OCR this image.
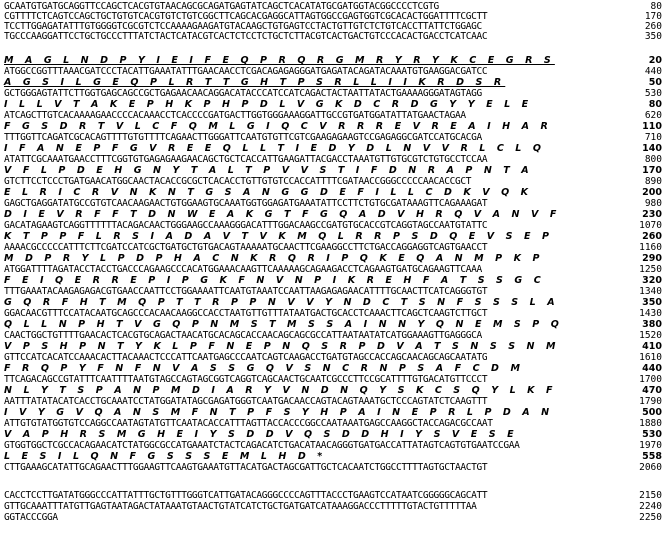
GCAATGTGATGCAGGTTCCAGCTCACGTGTAACAGCGCAGATGAGTATCAGCTCACATATGCGATGGTACGGCCCCTCGTG	80
CGTTTTCTCAGTCCAGCTGCTGTGTCACGTGTCTGTCGGCTTCAGCACGAGGCATTAGTGGCCGAGTGGTCGCACACTGGATTTTCGCTT	170
TCCTTGGAGATATTTGTGGGGTCGCGTCTCCAAAAGAAGATGTACAAGCTGTGAGTCCTACTGTTGTCTCTGTCACCTTATTCTGGAGC	260
TGCCCAAGGATTCCTGCTGCCCTTTATCTACTCATACGTCACTCTCCTCTGCTCTTACGTCACTGACTGTCCCACACTGACCTCATCAAC	350
M A G L N D P Y I E I F E Q P R Q R G M R Y R Y K C E G R S	20
ATGGCCGGTTTAAACGATCCCTACATTGAAATATTTGAACAACCTCGACAGAGAGGGATGAGATACAGATACAAATGTGAAGGACGATCC	440
A G S I L G E Q P L R T T G H T P S R L L I I K R D S R	50
GCTGGGAGTATTCTTGGTGAGCAGCCGCTGAGAACAACAGGACATACCCATCCATCAGACTACTAATTATACTGAAAAGGGATAGTAGG	530
I L L V T A K E P H K P H P D L V G K D C R D G Y Y E L E	80
ATCAGCTTGTCACAAAAGAACCCCACAAACCTCACCCCGATGACTTGGTGGGAAAGGATTGCCGTGATGGATATTATGAACTAGAA	620
F G S D R T V L C F Q M L G I Q C V R R R E V R E A I H A R	110
TTTGGTTCAGATCGCACAGTTTTGTGTTTTCAGAACTTGGGATTCAATGTGTTCGTCGAAGAGAAGTCCGAGAGGCGATCCATGCACGA	710
I F A N E P F G V R E E Q L L T I E D Y D L N V V R L C L Q	140
ATATTCGCAAATGAACCTTTCGGTGTGAGAGAAGAACAGCTGCTCACCATTGAAGATTACGACCTAAATGTTGTGCGTCTGTGCCTCCAA	800
V F L P D E H G N Y T A L T P V V S T I F D N R A P N T A	170
GTCTTCCTCCCTGATGAACATGGCAACTACACCGCGCTCACACCTGTTGTGTCCACCATTTTCGATAACCGGGCCCCCAACACCGCT	890
E L R I C R V N K N T G S A N G G D E F I L L C D K V Q K	200
GAGCTGAGGATATGCCGTGTCAACAAGAACTGTGGAAGTGCAAATGGTGGAGATGAAATATTCCTTCTGTGCGATAAAGTTCAGAAAGAT	980
D I E V R F F T D N W E A K G T F G Q A D V H R Q V A N V F	230
GACATAGAAGTCAGGTTTTTTACAGACAACTGGGAAGCCAAAGGGACATTTGGACAAGCCGATGTGCACCGTCAGGTAGCCAATGTATTC	1070
K T P P F L R S I A D A V T V K M Q L R R P S D Q E V S E P	260
AAAACGCCCCCATTTCTTCGATCCATCGCTGATGCTGTGACAGTAAAAATGCAACTTCGAAGGCCTTCTGACCAGGAGGTCAGTGAACCT	1160
M D P R Y L P D P H A C N K R Q R I P Q K E Q A N M P K P	290
ATGGATTTTAGATACCTACCTGACCCAGAAGCCCACATGGAAACAAGTTCAAAAAGCAGAAGACCTCAGAAGTGATGCAGAAGTTCAAA	1250
F E I Q E R R E P I P G K F N V N P I K R E H F A T S S G C	320
TTTGAAATACAAGAGAGACGTGAACCAATTCCTGGAAAATTCAATGTAAATCCAATTAAGAGAGAACATTTTGCAACTTCATCAGGGTGT	1340
G Q R F H T M Q P T T R P P N V V Y N D C T S N F S S S L A	350
GGACAACGTTTCCATACAATGCAGCCCACAACAAGGCCACCTAATGTTGTTTATAATGACTGCACCTCAAACTTCAGCTCAAGTCTTGCT	1430
Q L L N P H T V G Q P N M S T M S S A I N N Y Q N E M S P Q	380
CAACTGGCTGTTTTGAACACTCACGTGCAGACTAACATGCACAGCACCAACAGCAGCGCCATTAATAATATCATGGAAAGTTGAGGGCA	1520
V P S H P N T Y K L P F N E P N Q S R P D V A T S N S S N M	410
GTTCCATCACATCCAAACACTTACAAACTCCCATTCAATGAGCCCAATCAGTCAAGACCTGATGTAGCCACCAGCAACAGCAGCAATATG	1610
F R Q P Y F N F N V A S S G Q V S N C R N P S A F C D M	440
TTCAGACAGCCGTATTTCAATTTTAATGTAGCCAGTAGCGGTCAGGTCAGCAACTGCAATCGCCCTTCCGCATTTTGTGACATGTTCCCT	1700
N L Y T S P A N P M D I A R Y V N D N Q Y S K C S Q Y L K F	470
AATTTATATACATCACCTGCAAATCCTATGGATATAGCGAGATGGGTCAATGACAACCAGTACAGTAAATGCTCCCAGTATCTCAAGTTT	1790
I V Y G V Q A N S M F N T P F S Y H P A I N E P R L P D A N	500
ATTGTGTATGGTGTCCAGGCCAATAGTATGTTCAATACACCATTTAGTTACCACCCGGCCAATAAATGAGCCAAGGCTACCAGACGCCAAT	1880
V A P H R S M G H E I Y S D D V Q S D D H I Y S V E S E	530
GTGGTGGCTCGCCACAGAACATCTATGGCGCCATGAAATCTACTCAGACATCTGACATAACAGGGTGATGACCATTATAGTCAGTGTGAATCCGAA	1970
L E S I L Q N F G S S S E M L H D *	558
CTTGAAAGCATATTGCAGAACTTTGGAAGTTCAAGTGAAATGTTACATGACTAGCGATTGCTCACAATCTGGCCTTTTAGTGCTAACTGT	2060
CACCTCCTTGATATGGGCCCATTATTTGCTGTTTGGGTCATTGATACAGGGCCCCAGTTTACCCTGAAGTCCATAATCGGGGGCAGCATT	2150
GTTGCAAATTTATGTTGAGTAATAGACTATAAATGTAACTGTATCATCTGCTGATGATCATAAAGGACCCTTTTTGTACTGTTTTTAA	2240
GGTACCCGGA	2250
